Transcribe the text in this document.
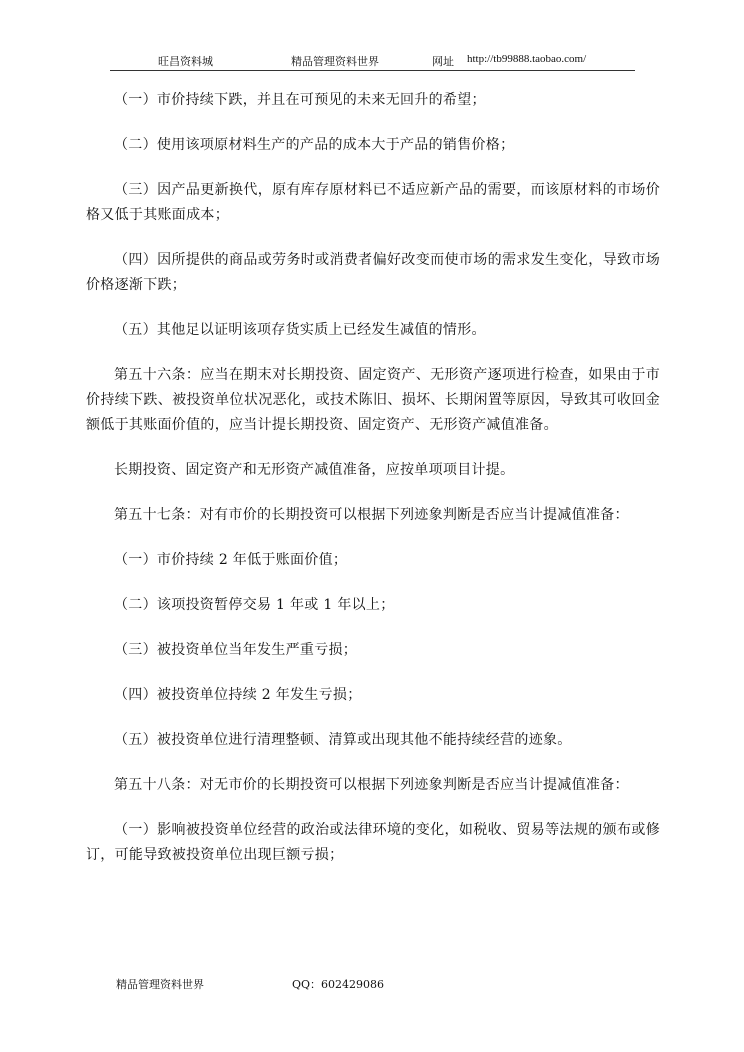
旺昌资料城	精品管理资料世界	网址 http://tb99888.taobao.com/

（一）市价持续下跌，并且在可预见的未来无回升的希望；

（二）使用该项原材料生产的产品的成本大于产品的销售价格；

（三）因产品更新换代，原有库存原材料已不适应新产品的需要，而该原材料的市场价格又低于其账面成本；

（四）因所提供的商品或劳务时或消费者偏好改变而使市场的需求发生变化，导致市场价格逐渐下跌；

（五）其他足以证明该项存货实质上已经发生减值的情形。

第五十六条：应当在期末对长期投资、固定资产、无形资产逐项进行检查，如果由于市价持续下跌、被投资单位状况恶化，或技术陈旧、损坏、长期闲置等原因，导致其可收回金额低于其账面价值的，应当计提长期投资、固定资产、无形资产减值准备。

长期投资、固定资产和无形资产减值准备，应按单项项目计提。

第五十七条：对有市价的长期投资可以根据下列迹象判断是否应当计提减值准备：

（一）市价持续 2 年低于账面价值；

（二）该项投资暂停交易 1 年或 1 年以上；

（三）被投资单位当年发生严重亏损；

（四）被投资单位持续 2 年发生亏损；

（五）被投资单位进行清理整顿、清算或出现其他不能持续经营的迹象。

第五十八条：对无市价的长期投资可以根据下列迹象判断是否应当计提减值准备：

（一）影响被投资单位经营的政治或法律环境的变化，如税收、贸易等法规的颁布或修订，可能导致被投资单位出现巨额亏损；

精品管理资料世界	QQ：602429086
